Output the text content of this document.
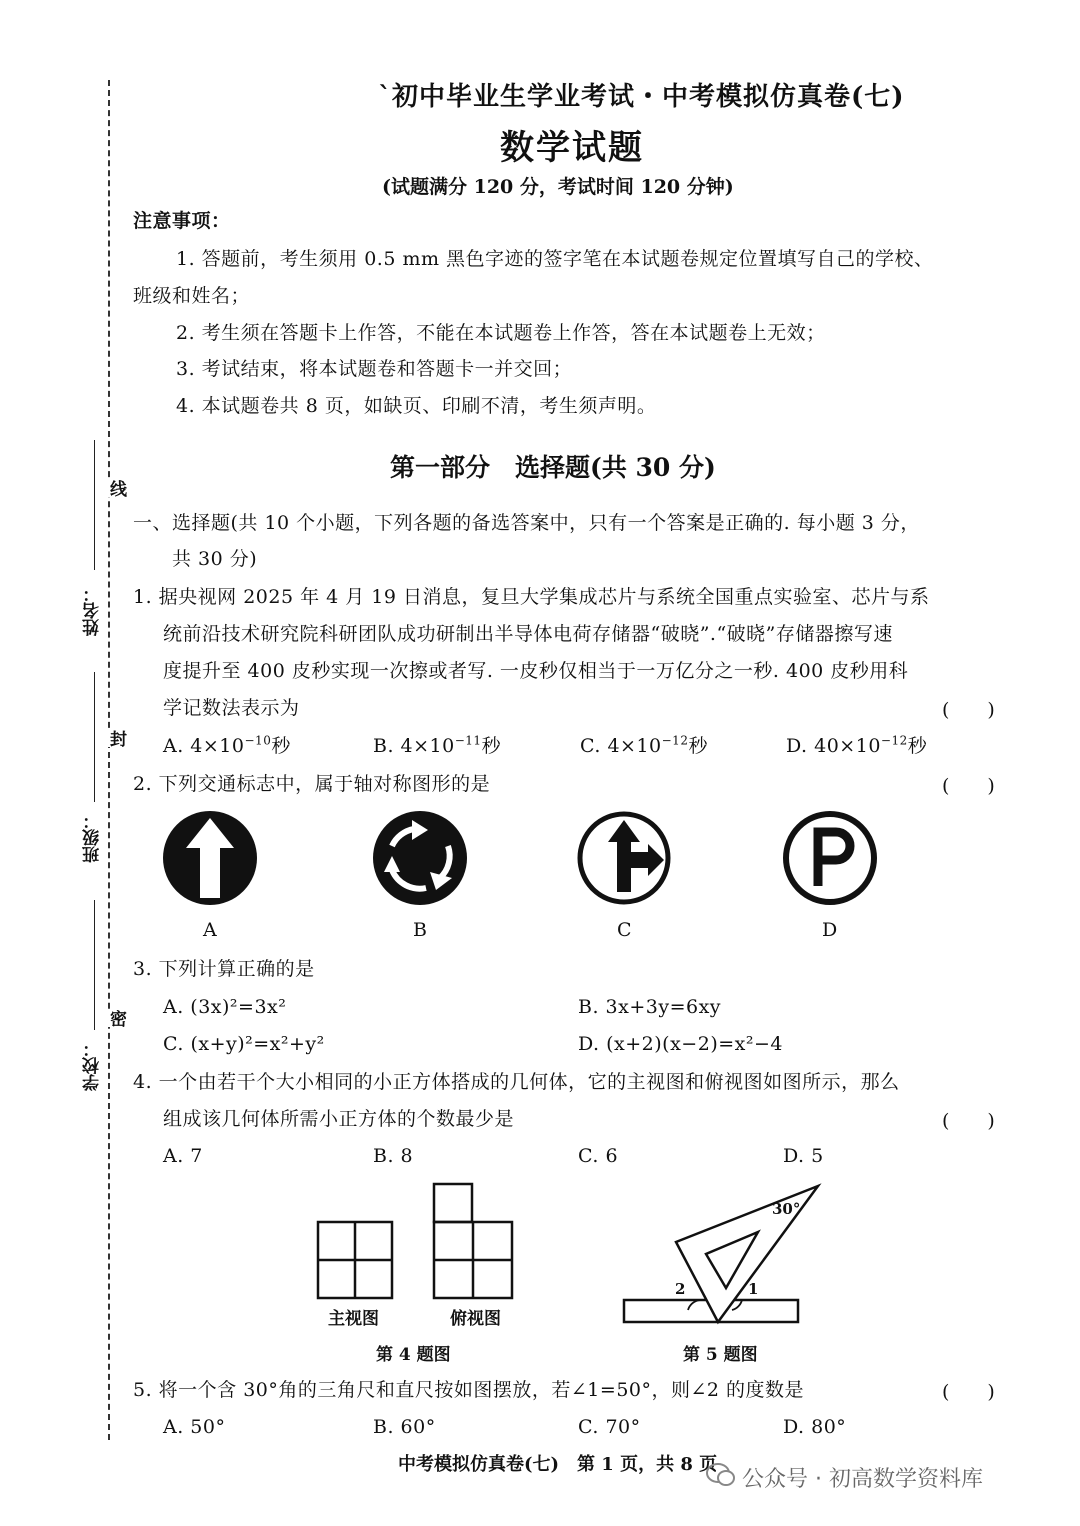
姓名：
班级：
学校：
线
封
密
`初中毕业生学业考试・中考模拟仿真卷(七)
数学试题
(试题满分 120 分，考试时间 120 分钟)
注意事项：
1. 答题前，考生须用 0.5 mm 黑色字迹的签字笔在本试题卷规定位置填写自己的学校、
班级和姓名；
2. 考生须在答题卡上作答，不能在本试题卷上作答，答在本试题卷上无效；
3. 考试结束，将本试题卷和答题卡一并交回；
4. 本试题卷共 8 页，如缺页、印刷不清，考生须声明。
第一部分　选择题(共 30 分)
一、选择题(共 10 个小题，下列各题的备选答案中，只有一个答案是正确的. 每小题 3 分，
共 30 分)
1. 据央视网 2025 年 4 月 19 日消息，复旦大学集成芯片与系统全国重点实验室、芯片与系
统前沿技术研究院科研团队成功研制出半导体电荷存储器“破晓”.“破晓”存储器擦写速
度提升至 400 皮秒实现一次擦或者写. 一皮秒仅相当于一万亿分之一秒. 400 皮秒用科
学记数法表示为	(　　)
A. $4\times 10^{-10}$秒	B. $4\times 10^{-11}$秒	C. $4\times 10^{-12}$秒	D. $40\times 10^{-12}$秒
2. 下列交通标志中，属于轴对称图形的是	(　　)
A	B	C	D
3. 下列计算正确的是
A. (3x)²=3x²	B. 3x+3y=6xy
C. (x+y)²=x²+y²	D. (x+2)(x−2)=x²−4
4. 一个由若干个大小相同的小正方体搭成的几何体，它的主视图和俯视图如图所示，那么
组成该几何体所需小正方体的个数最少是	(　　)
A. 7	B. 8	C. 6	D. 5
30°
1
2
主视图	俯视图
第 4 题图	第 5 题图
5. 将一个含 30°角的三角尺和直尺按如图摆放，若∠1=50°，则∠2 的度数是	(　　)
A. 50°	B. 60°	C. 70°	D. 80°
中考模拟仿真卷(七)　第 1 页，共 8 页
公众号 · 初高数学资料库
